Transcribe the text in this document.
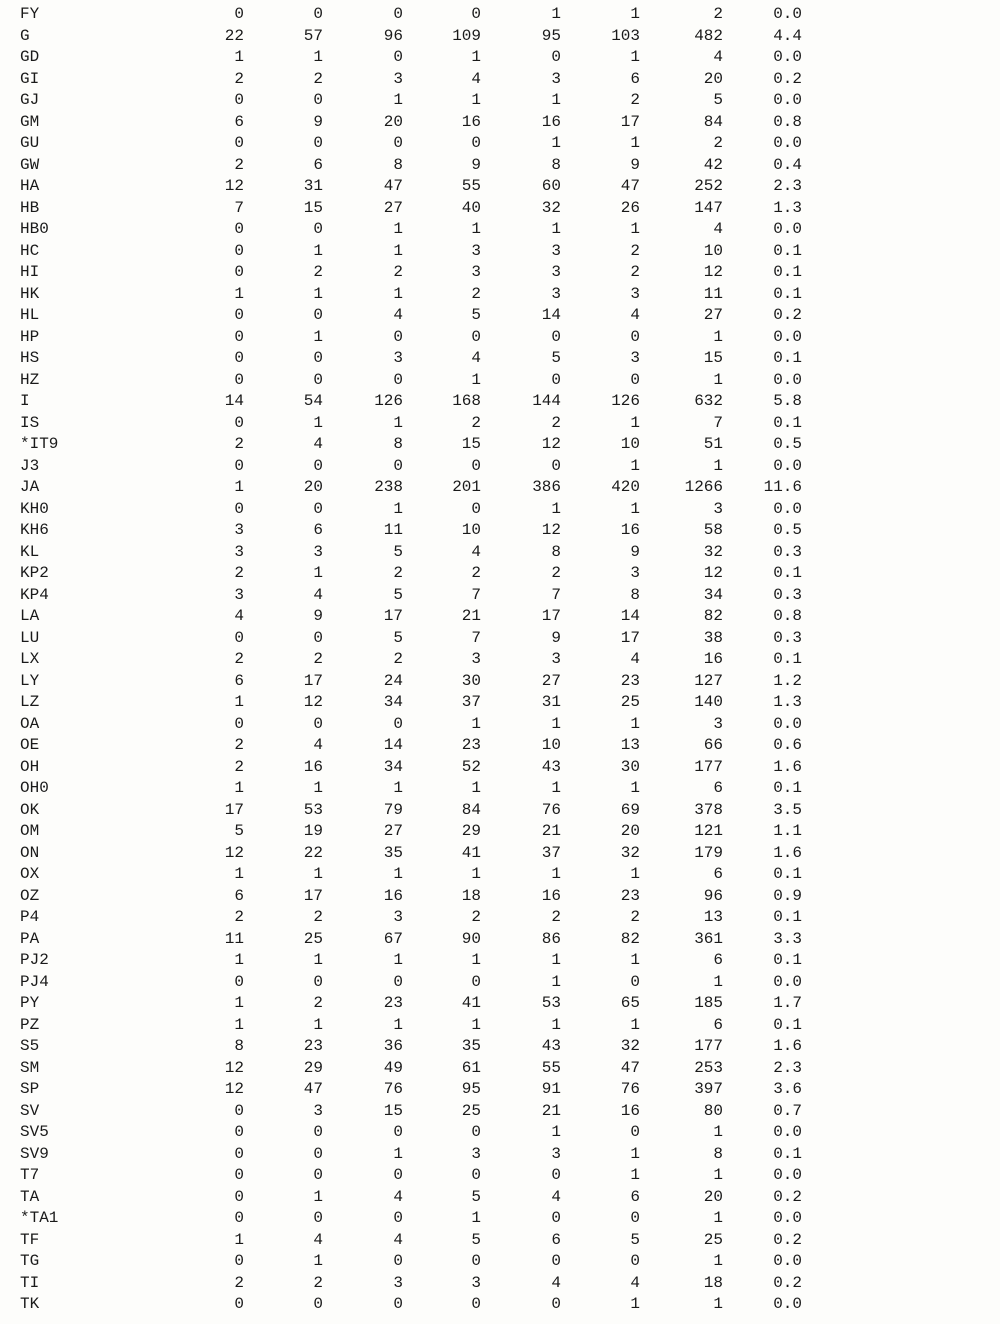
FY	0	0	0	0	1	1	2	0.0
G	22	57	96	109	95	103	482	4.4
GD	1	1	0	1	0	1	4	0.0
GI	2	2	3	4	3	6	20	0.2
GJ	0	0	1	1	1	2	5	0.0
GM	6	9	20	16	16	17	84	0.8
GU	0	0	0	0	1	1	2	0.0
GW	2	6	8	9	8	9	42	0.4
HA	12	31	47	55	60	47	252	2.3
HB	7	15	27	40	32	26	147	1.3
HB0	0	0	1	1	1	1	4	0.0
HC	0	1	1	3	3	2	10	0.1
HI	0	2	2	3	3	2	12	0.1
HK	1	1	1	2	3	3	11	0.1
HL	0	0	4	5	14	4	27	0.2
HP	0	1	0	0	0	0	1	0.0
HS	0	0	3	4	5	3	15	0.1
HZ	0	0	0	1	0	0	1	0.0
I	14	54	126	168	144	126	632	5.8
IS	0	1	1	2	2	1	7	0.1
*IT9	2	4	8	15	12	10	51	0.5
J3	0	0	0	0	0	1	1	0.0
JA	1	20	238	201	386	420	1266	11.6
KH0	0	0	1	0	1	1	3	0.0
KH6	3	6	11	10	12	16	58	0.5
KL	3	3	5	4	8	9	32	0.3
KP2	2	1	2	2	2	3	12	0.1
KP4	3	4	5	7	7	8	34	0.3
LA	4	9	17	21	17	14	82	0.8
LU	0	0	5	7	9	17	38	0.3
LX	2	2	2	3	3	4	16	0.1
LY	6	17	24	30	27	23	127	1.2
LZ	1	12	34	37	31	25	140	1.3
OA	0	0	0	1	1	1	3	0.0
OE	2	4	14	23	10	13	66	0.6
OH	2	16	34	52	43	30	177	1.6
OH0	1	1	1	1	1	1	6	0.1
OK	17	53	79	84	76	69	378	3.5
OM	5	19	27	29	21	20	121	1.1
ON	12	22	35	41	37	32	179	1.6
OX	1	1	1	1	1	1	6	0.1
OZ	6	17	16	18	16	23	96	0.9
P4	2	2	3	2	2	2	13	0.1
PA	11	25	67	90	86	82	361	3.3
PJ2	1	1	1	1	1	1	6	0.1
PJ4	0	0	0	0	1	0	1	0.0
PY	1	2	23	41	53	65	185	1.7
PZ	1	1	1	1	1	1	6	0.1
S5	8	23	36	35	43	32	177	1.6
SM	12	29	49	61	55	47	253	2.3
SP	12	47	76	95	91	76	397	3.6
SV	0	3	15	25	21	16	80	0.7
SV5	0	0	0	0	1	0	1	0.0
SV9	0	0	1	3	3	1	8	0.1
T7	0	0	0	0	0	1	1	0.0
TA	0	1	4	5	4	6	20	0.2
*TA1	0	0	0	1	0	0	1	0.0
TF	1	4	4	5	6	5	25	0.2
TG	0	1	0	0	0	0	1	0.0
TI	2	2	3	3	4	4	18	0.2
TK	0	0	0	0	0	1	1	0.0
